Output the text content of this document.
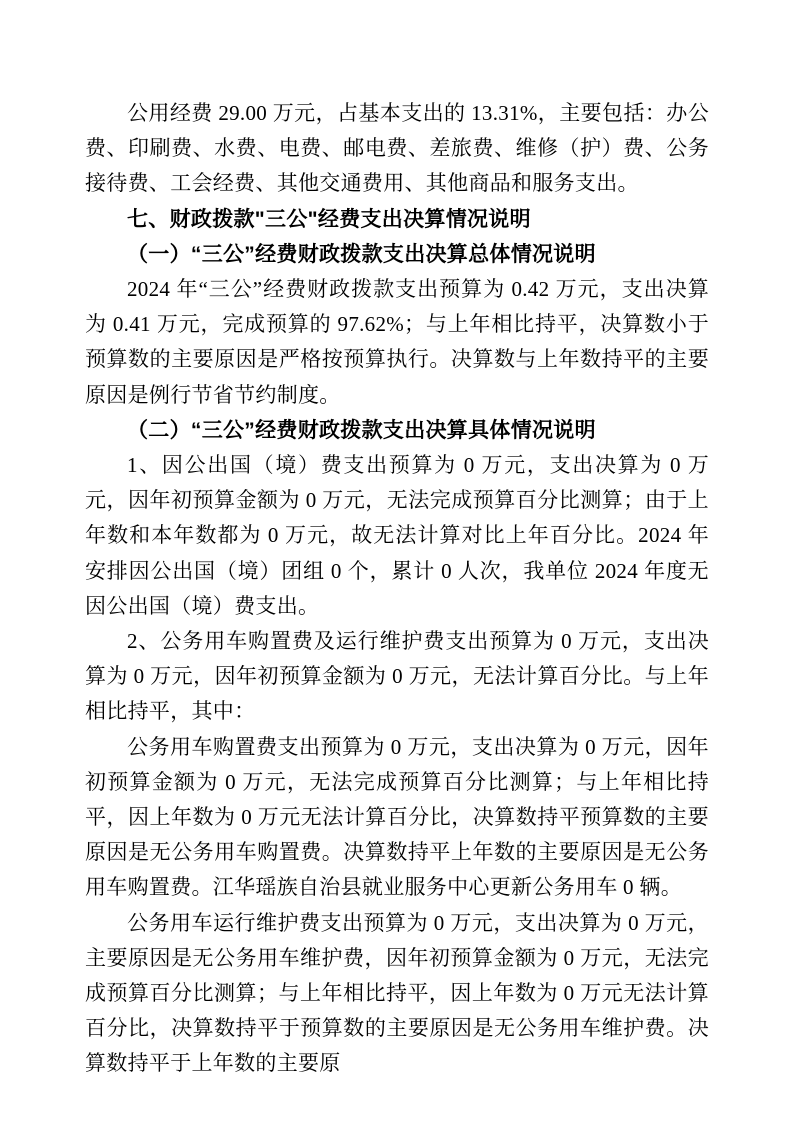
公用经费 29.00 万元，占基本支出的 13.31%，主要包括：办公费、印刷费、水费、电费、邮电费、差旅费、维修（护）费、公务接待费、工会经费、其他交通费用、其他商品和服务支出。

七、财政拨款"三公"经费支出决算情况说明

（一）“三公”经费财政拨款支出决算总体情况说明

2024 年“三公”经费财政拨款支出预算为 0.42 万元，支出决算为 0.41 万元，完成预算的 97.62%；与上年相比持平，决算数小于预算数的主要原因是严格按预算执行。决算数与上年数持平的主要原因是例行节省节约制度。

（二）“三公”经费财政拨款支出决算具体情况说明

1、因公出国（境）费支出预算为 0 万元，支出决算为 0 万元，因年初预算金额为 0 万元，无法完成预算百分比测算；由于上年数和本年数都为 0 万元，故无法计算对比上年百分比。2024 年安排因公出国（境）团组 0 个，累计 0 人次，我单位 2024 年度无因公出国（境）费支出。

2、公务用车购置费及运行维护费支出预算为 0 万元，支出决算为 0 万元，因年初预算金额为 0 万元，无法计算百分比。与上年相比持平，其中：

公务用车购置费支出预算为 0 万元，支出决算为 0 万元，因年初预算金额为 0 万元，无法完成预算百分比测算；与上年相比持平，因上年数为 0 万元无法计算百分比，决算数持平预算数的主要原因是无公务用车购置费。决算数持平上年数的主要原因是无公务用车购置费。江华瑶族自治县就业服务中心更新公务用车 0 辆。

公务用车运行维护费支出预算为 0 万元，支出决算为 0 万元，主要原因是无公务用车维护费，因年初预算金额为 0 万元，无法完成预算百分比测算；与上年相比持平，因上年数为 0 万元无法计算百分比，决算数持平于预算数的主要原因是无公务用车维护费。决算数持平于上年数的主要原
